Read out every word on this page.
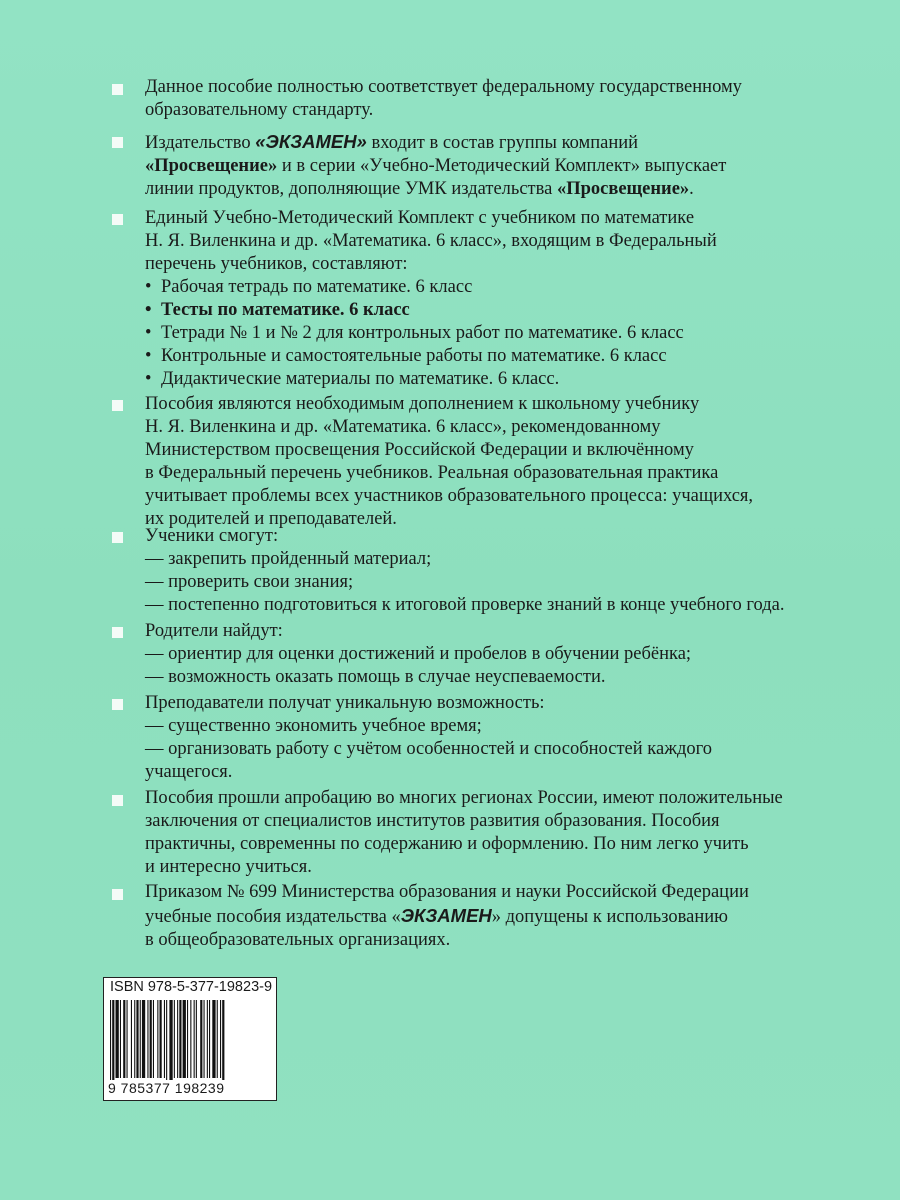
Данное пособие полностью соответствует федеральному государственному
образовательному стандарту.
Издательство «ЭКЗАМЕН» входит в состав группы компаний
«Просвещение» и в серии «Учебно-Методический Комплект» выпускает
линии продуктов, дополняющие УМК издательства «Просвещение».
Единый Учебно-Методический Комплект с учебником по математике
Н. Я. Виленкина и др. «Математика. 6 класс», входящим в Федеральный
перечень учебников, составляют:
• Рабочая тетрадь по математике. 6 класс
• Тесты по математике. 6 класс
• Тетради № 1 и № 2 для контрольных работ по математике. 6 класс
• Контрольные и самостоятельные работы по математике. 6 класс
• Дидактические материалы по математике. 6 класс.
Пособия являются необходимым дополнением к школьному учебнику
Н. Я. Виленкина и др. «Математика. 6 класс», рекомендованному
Министерством просвещения Российской Федерации и включённому
в Федеральный перечень учебников. Реальная образовательная практика
учитывает проблемы всех участников образовательного процесса: учащихся,
их родителей и преподавателей.
Ученики смогут:
— закрепить пройденный материал;
— проверить свои знания;
— постепенно подготовиться к итоговой проверке знаний в конце учебного года.
Родители найдут:
— ориентир для оценки достижений и пробелов в обучении ребёнка;
— возможность оказать помощь в случае неуспеваемости.
Преподаватели получат уникальную возможность:
— существенно экономить учебное время;
— организовать работу с учётом особенностей и способностей каждого
учащегося.
Пособия прошли апробацию во многих регионах России, имеют положительные
заключения от специалистов институтов развития образования. Пособия
практичны, современны по содержанию и оформлению. По ним легко учить
и интересно учиться.
Приказом № 699 Министерства образования и науки Российской Федерации
учебные пособия издательства «ЭКЗАМЕН» допущены к использованию
в общеобразовательных организациях.
ISBN 978-5-377-19823-9
9 785377 198239
